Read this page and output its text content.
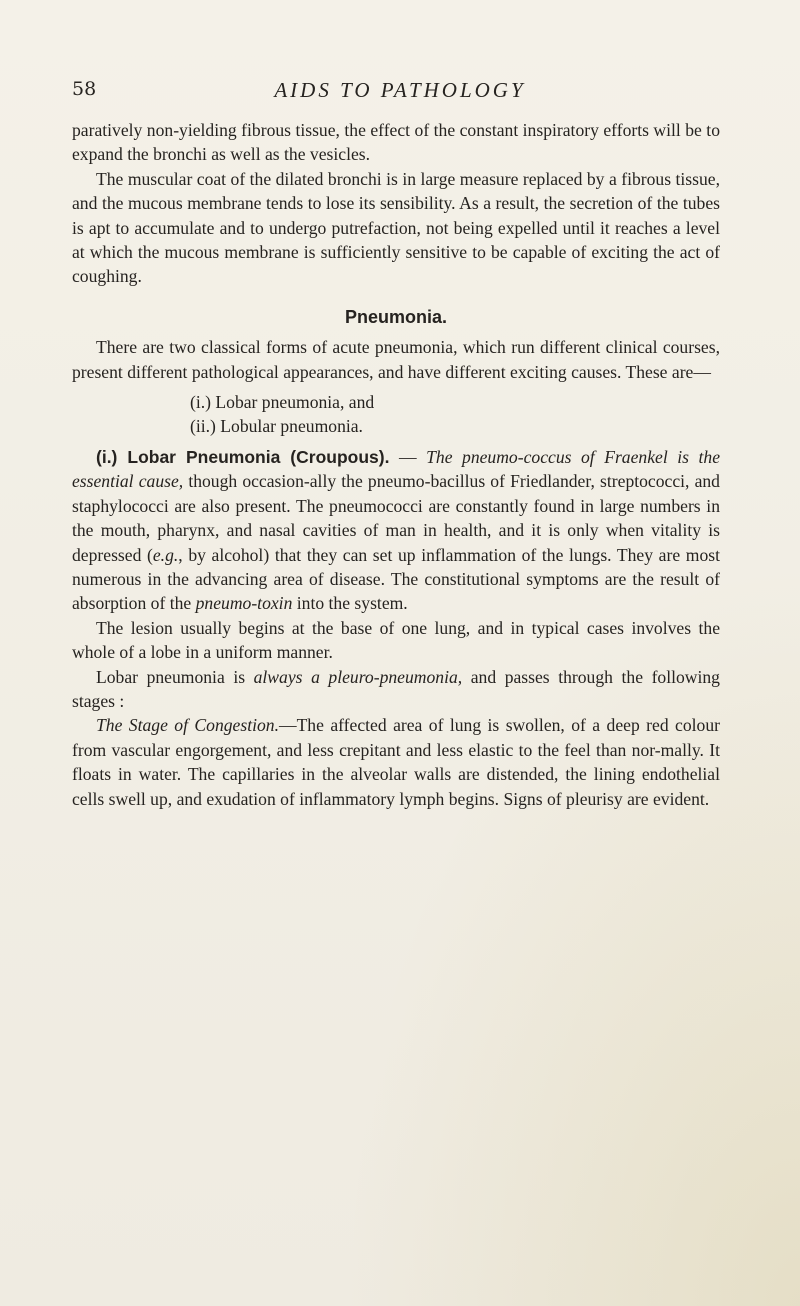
58	AIDS TO PATHOLOGY

paratively non-yielding fibrous tissue, the effect of the constant inspiratory efforts will be to expand the bronchi as well as the vesicles.

The muscular coat of the dilated bronchi is in large measure replaced by a fibrous tissue, and the mucous membrane tends to lose its sensibility. As a result, the secretion of the tubes is apt to accumulate and to undergo putrefaction, not being expelled until it reaches a level at which the mucous membrane is sufficiently sensitive to be capable of exciting the act of coughing.

Pneumonia.

There are two classical forms of acute pneumonia, which run different clinical courses, present different pathological appearances, and have different exciting causes. These are—

(i.) Lobar pneumonia, and
(ii.) Lobular pneumonia.

(i.) Lobar Pneumonia (Croupous). — The pneumo-coccus of Fraenkel is the essential cause, though occasion-ally the pneumo-bacillus of Friedlander, streptococci, and staphylococci are also present. The pneumococci are constantly found in large numbers in the mouth, pharynx, and nasal cavities of man in health, and it is only when vitality is depressed (e.g., by alcohol) that they can set up inflammation of the lungs. They are most numerous in the advancing area of disease. The constitutional symptoms are the result of absorption of the pneumo-toxin into the system.

The lesion usually begins at the base of one lung, and in typical cases involves the whole of a lobe in a uniform manner.

Lobar pneumonia is always a pleuro-pneumonia, and passes through the following stages :

The Stage of Congestion.—The affected area of lung is swollen, of a deep red colour from vascular engorgement, and less crepitant and less elastic to the feel than nor-mally. It floats in water. The capillaries in the alveolar walls are distended, the lining endothelial cells swell up, and exudation of inflammatory lymph begins. Signs of pleurisy are evident.
